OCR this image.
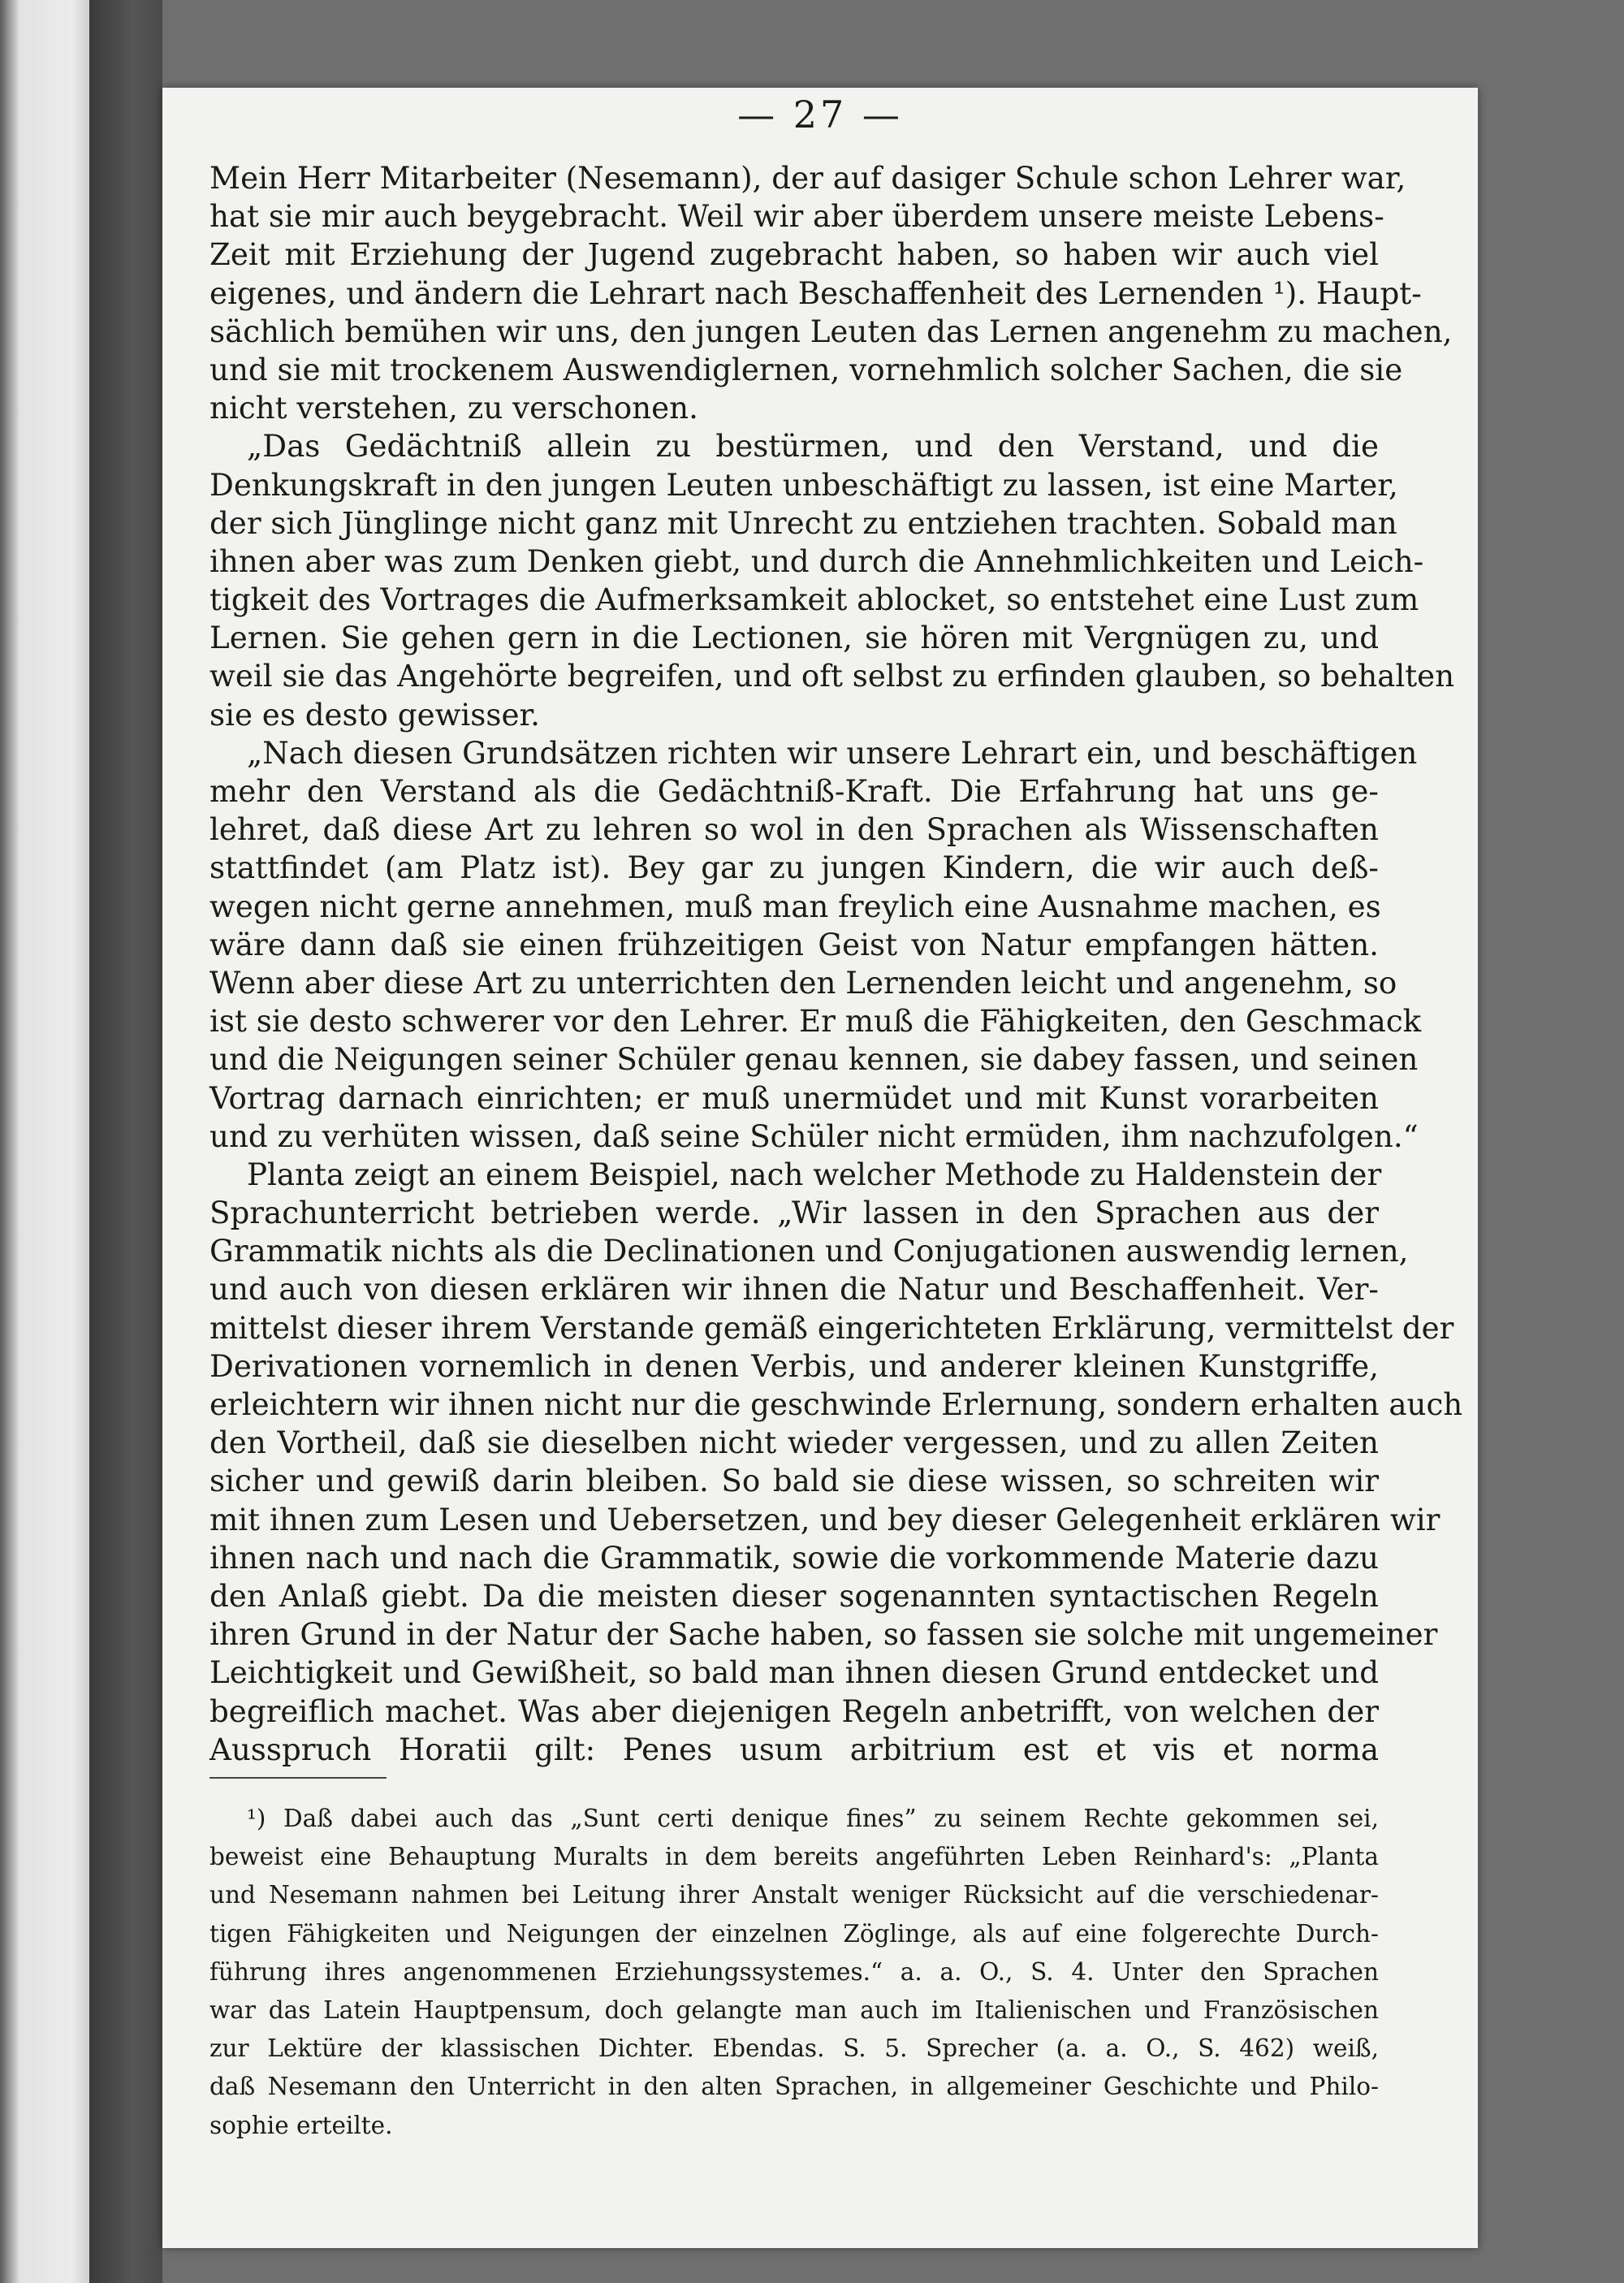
— 27 —
Mein Herr Mitarbeiter (Nesemann), der auf dasiger Schule schon Lehrer war,
hat sie mir auch beygebracht. Weil wir aber überdem unsere meiste Lebens-
Zeit mit Erziehung der Jugend zugebracht haben, so haben wir auch viel
eigenes, und ändern die Lehrart nach Beschaffenheit des Lernenden ¹). Haupt-
sächlich bemühen wir uns, den jungen Leuten das Lernen angenehm zu machen,
und sie mit trockenem Auswendiglernen, vornehmlich solcher Sachen, die sie
nicht verstehen, zu verschonen.
„Das Gedächtniß allein zu bestürmen, und den Verstand, und die
Denkungskraft in den jungen Leuten unbeschäftigt zu lassen, ist eine Marter,
der sich Jünglinge nicht ganz mit Unrecht zu entziehen trachten. Sobald man
ihnen aber was zum Denken giebt, und durch die Annehmlichkeiten und Leich-
tigkeit des Vortrages die Aufmerksamkeit ablocket, so entstehet eine Lust zum
Lernen. Sie gehen gern in die Lectionen, sie hören mit Vergnügen zu, und
weil sie das Angehörte begreifen, und oft selbst zu erfinden glauben, so behalten
sie es desto gewisser.
„Nach diesen Grundsätzen richten wir unsere Lehrart ein, und beschäftigen
mehr den Verstand als die Gedächtniß-Kraft. Die Erfahrung hat uns ge-
lehret, daß diese Art zu lehren so wol in den Sprachen als Wissenschaften
stattfindet (am Platz ist). Bey gar zu jungen Kindern, die wir auch deß-
wegen nicht gerne annehmen, muß man freylich eine Ausnahme machen, es
wäre dann daß sie einen frühzeitigen Geist von Natur empfangen hätten.
Wenn aber diese Art zu unterrichten den Lernenden leicht und angenehm, so
ist sie desto schwerer vor den Lehrer. Er muß die Fähigkeiten, den Geschmack
und die Neigungen seiner Schüler genau kennen, sie dabey fassen, und seinen
Vortrag darnach einrichten; er muß unermüdet und mit Kunst vorarbeiten
und zu verhüten wissen, daß seine Schüler nicht ermüden, ihm nachzufolgen.“
Planta zeigt an einem Beispiel, nach welcher Methode zu Haldenstein der
Sprachunterricht betrieben werde. „Wir lassen in den Sprachen aus der
Grammatik nichts als die Declinationen und Conjugationen auswendig lernen,
und auch von diesen erklären wir ihnen die Natur und Beschaffenheit. Ver-
mittelst dieser ihrem Verstande gemäß eingerichteten Erklärung, vermittelst der
Derivationen vornemlich in denen Verbis, und anderer kleinen Kunstgriffe,
erleichtern wir ihnen nicht nur die geschwinde Erlernung, sondern erhalten auch
den Vortheil, daß sie dieselben nicht wieder vergessen, und zu allen Zeiten
sicher und gewiß darin bleiben. So bald sie diese wissen, so schreiten wir
mit ihnen zum Lesen und Uebersetzen, und bey dieser Gelegenheit erklären wir
ihnen nach und nach die Grammatik, sowie die vorkommende Materie dazu
den Anlaß giebt. Da die meisten dieser sogenannten syntactischen Regeln
ihren Grund in der Natur der Sache haben, so fassen sie solche mit ungemeiner
Leichtigkeit und Gewißheit, so bald man ihnen diesen Grund entdecket und
begreiflich machet. Was aber diejenigen Regeln anbetrifft, von welchen der
Ausspruch Horatii gilt: Penes usum arbitrium est et vis et norma
¹) Daß dabei auch das „Sunt certi denique fines” zu seinem Rechte gekommen sei,
beweist eine Behauptung Muralts in dem bereits angeführten Leben Reinhard's: „Planta
und Nesemann nahmen bei Leitung ihrer Anstalt weniger Rücksicht auf die verschiedenar-
tigen Fähigkeiten und Neigungen der einzelnen Zöglinge, als auf eine folgerechte Durch-
führung ihres angenommenen Erziehungssystemes.“ a. a. O., S. 4. Unter den Sprachen
war das Latein Hauptpensum, doch gelangte man auch im Italienischen und Französischen
zur Lektüre der klassischen Dichter. Ebendas. S. 5. Sprecher (a. a. O., S. 462) weiß,
daß Nesemann den Unterricht in den alten Sprachen, in allgemeiner Geschichte und Philo-
sophie erteilte.
